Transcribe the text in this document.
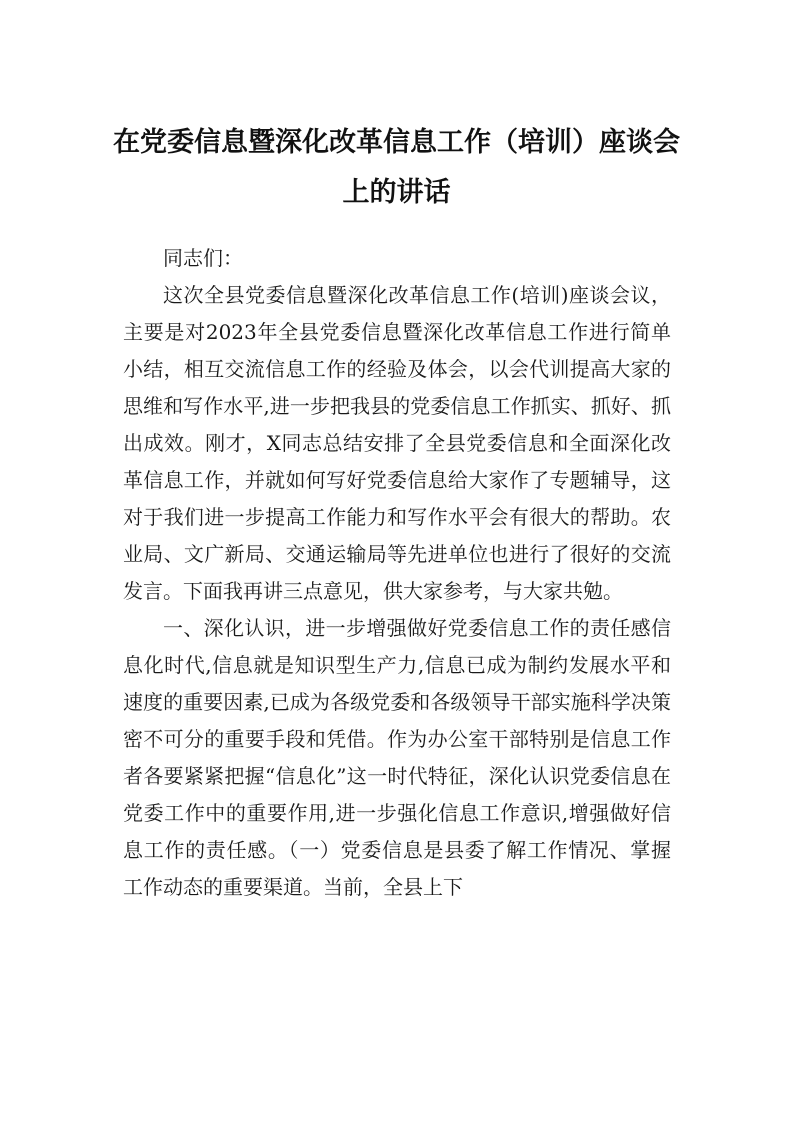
在党委信息暨深化改革信息工作（培训）座谈会上的讲话

同志们：

这次全县党委信息暨深化改革信息工作(培训)座谈会议，主要是对2023年全县党委信息暨深化改革信息工作进行简单小结，相互交流信息工作的经验及体会，以会代训提高大家的思维和写作水平,进一步把我县的党委信息工作抓实、抓好、抓出成效。刚才，X同志总结安排了全县党委信息和全面深化改革信息工作，并就如何写好党委信息给大家作了专题辅导，这对于我们进一步提高工作能力和写作水平会有很大的帮助。农业局、文广新局、交通运输局等先进单位也进行了很好的交流发言。下面我再讲三点意见，供大家参考，与大家共勉。

一、深化认识，进一步增强做好党委信息工作的责任感信息化时代,信息就是知识型生产力,信息已成为制约发展水平和速度的重要因素,已成为各级党委和各级领导干部实施科学决策密不可分的重要手段和凭借。作为办公室干部特别是信息工作者各要紧紧把握“信息化”这一时代特征，深化认识党委信息在党委工作中的重要作用,进一步强化信息工作意识,增强做好信息工作的责任感。（一）党委信息是县委了解工作情况、掌握工作动态的重要渠道。当前，全县上下
